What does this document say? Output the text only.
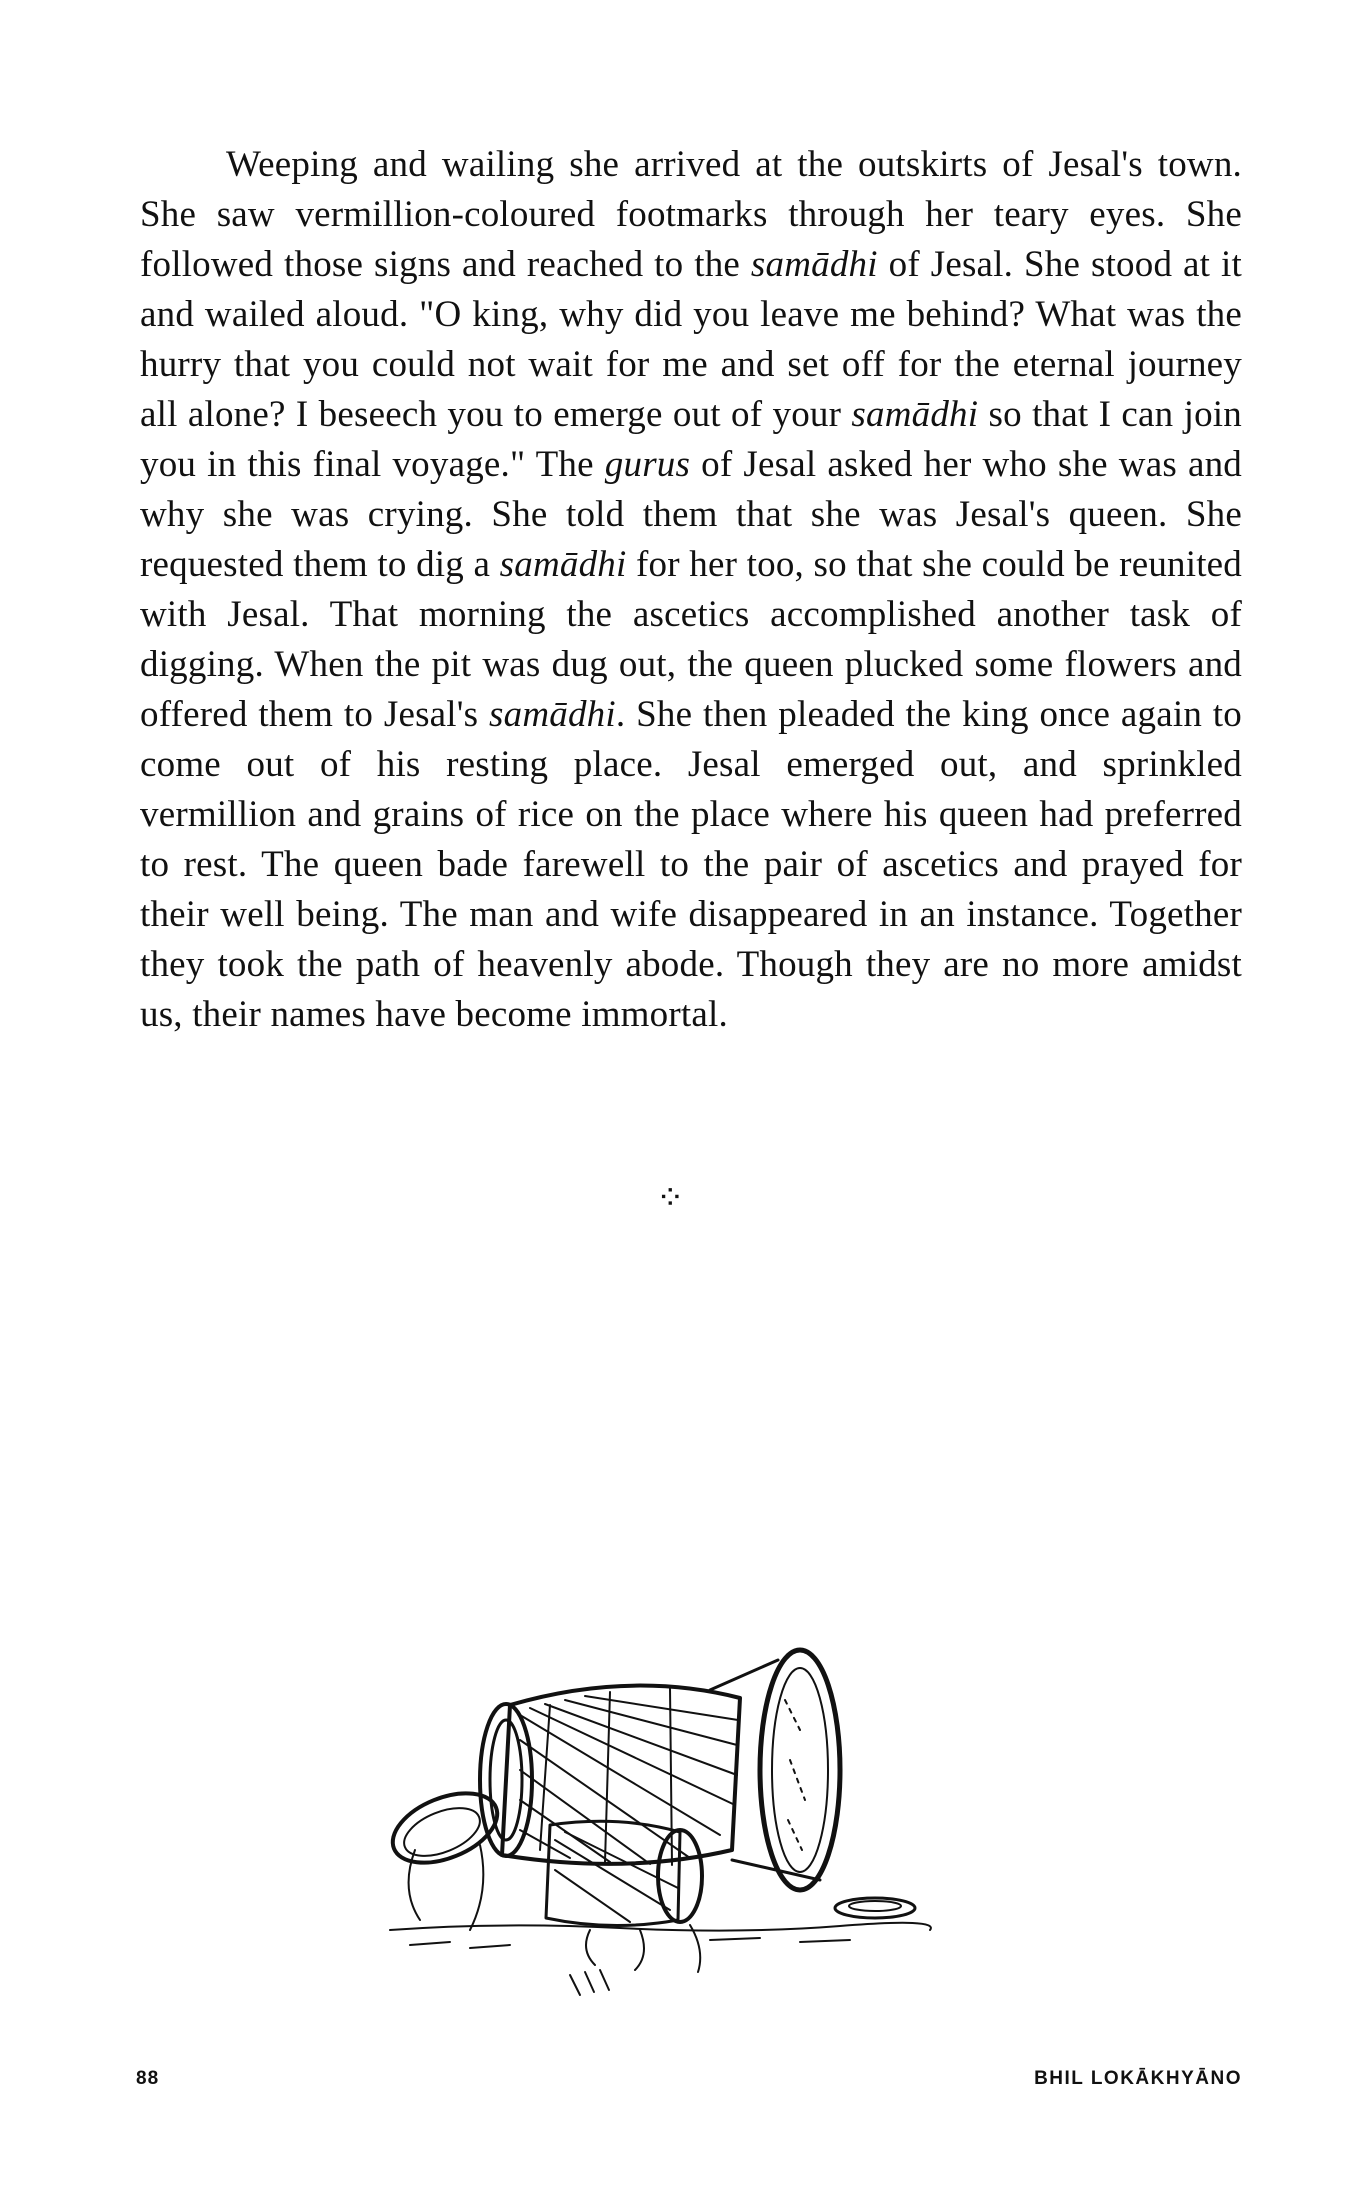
Weeping and wailing she arrived at the outskirts of Jesal's town. She saw vermillion-coloured footmarks through her teary eyes. She followed those signs and reached to the samādhi of Jesal. She stood at it and wailed aloud. "O king, why did you leave me behind? What was the hurry that you could not wait for me and set off for the eternal journey all alone? I beseech you to emerge out of your samādhi so that I can join you in this final voyage." The gurus of Jesal asked her who she was and why she was crying. She told them that she was Jesal's queen. She requested them to dig a samādhi for her too, so that she could be reunited with Jesal. That morning the ascetics accomplished another task of digging. When the pit was dug out, the queen plucked some flowers and offered them to Jesal's samādhi. She then pleaded the king once again to come out of his resting place. Jesal emerged out, and sprinkled vermillion and grains of rice on the place where his queen had preferred to rest. The queen bade farewell to the pair of ascetics and prayed for their well being. The man and wife disappeared in an instance. Together they took the path of heavenly abode. Though they are no more amidst us, their names have become immortal.

⁘
88	BHIL LOKĀKHYĀNO
